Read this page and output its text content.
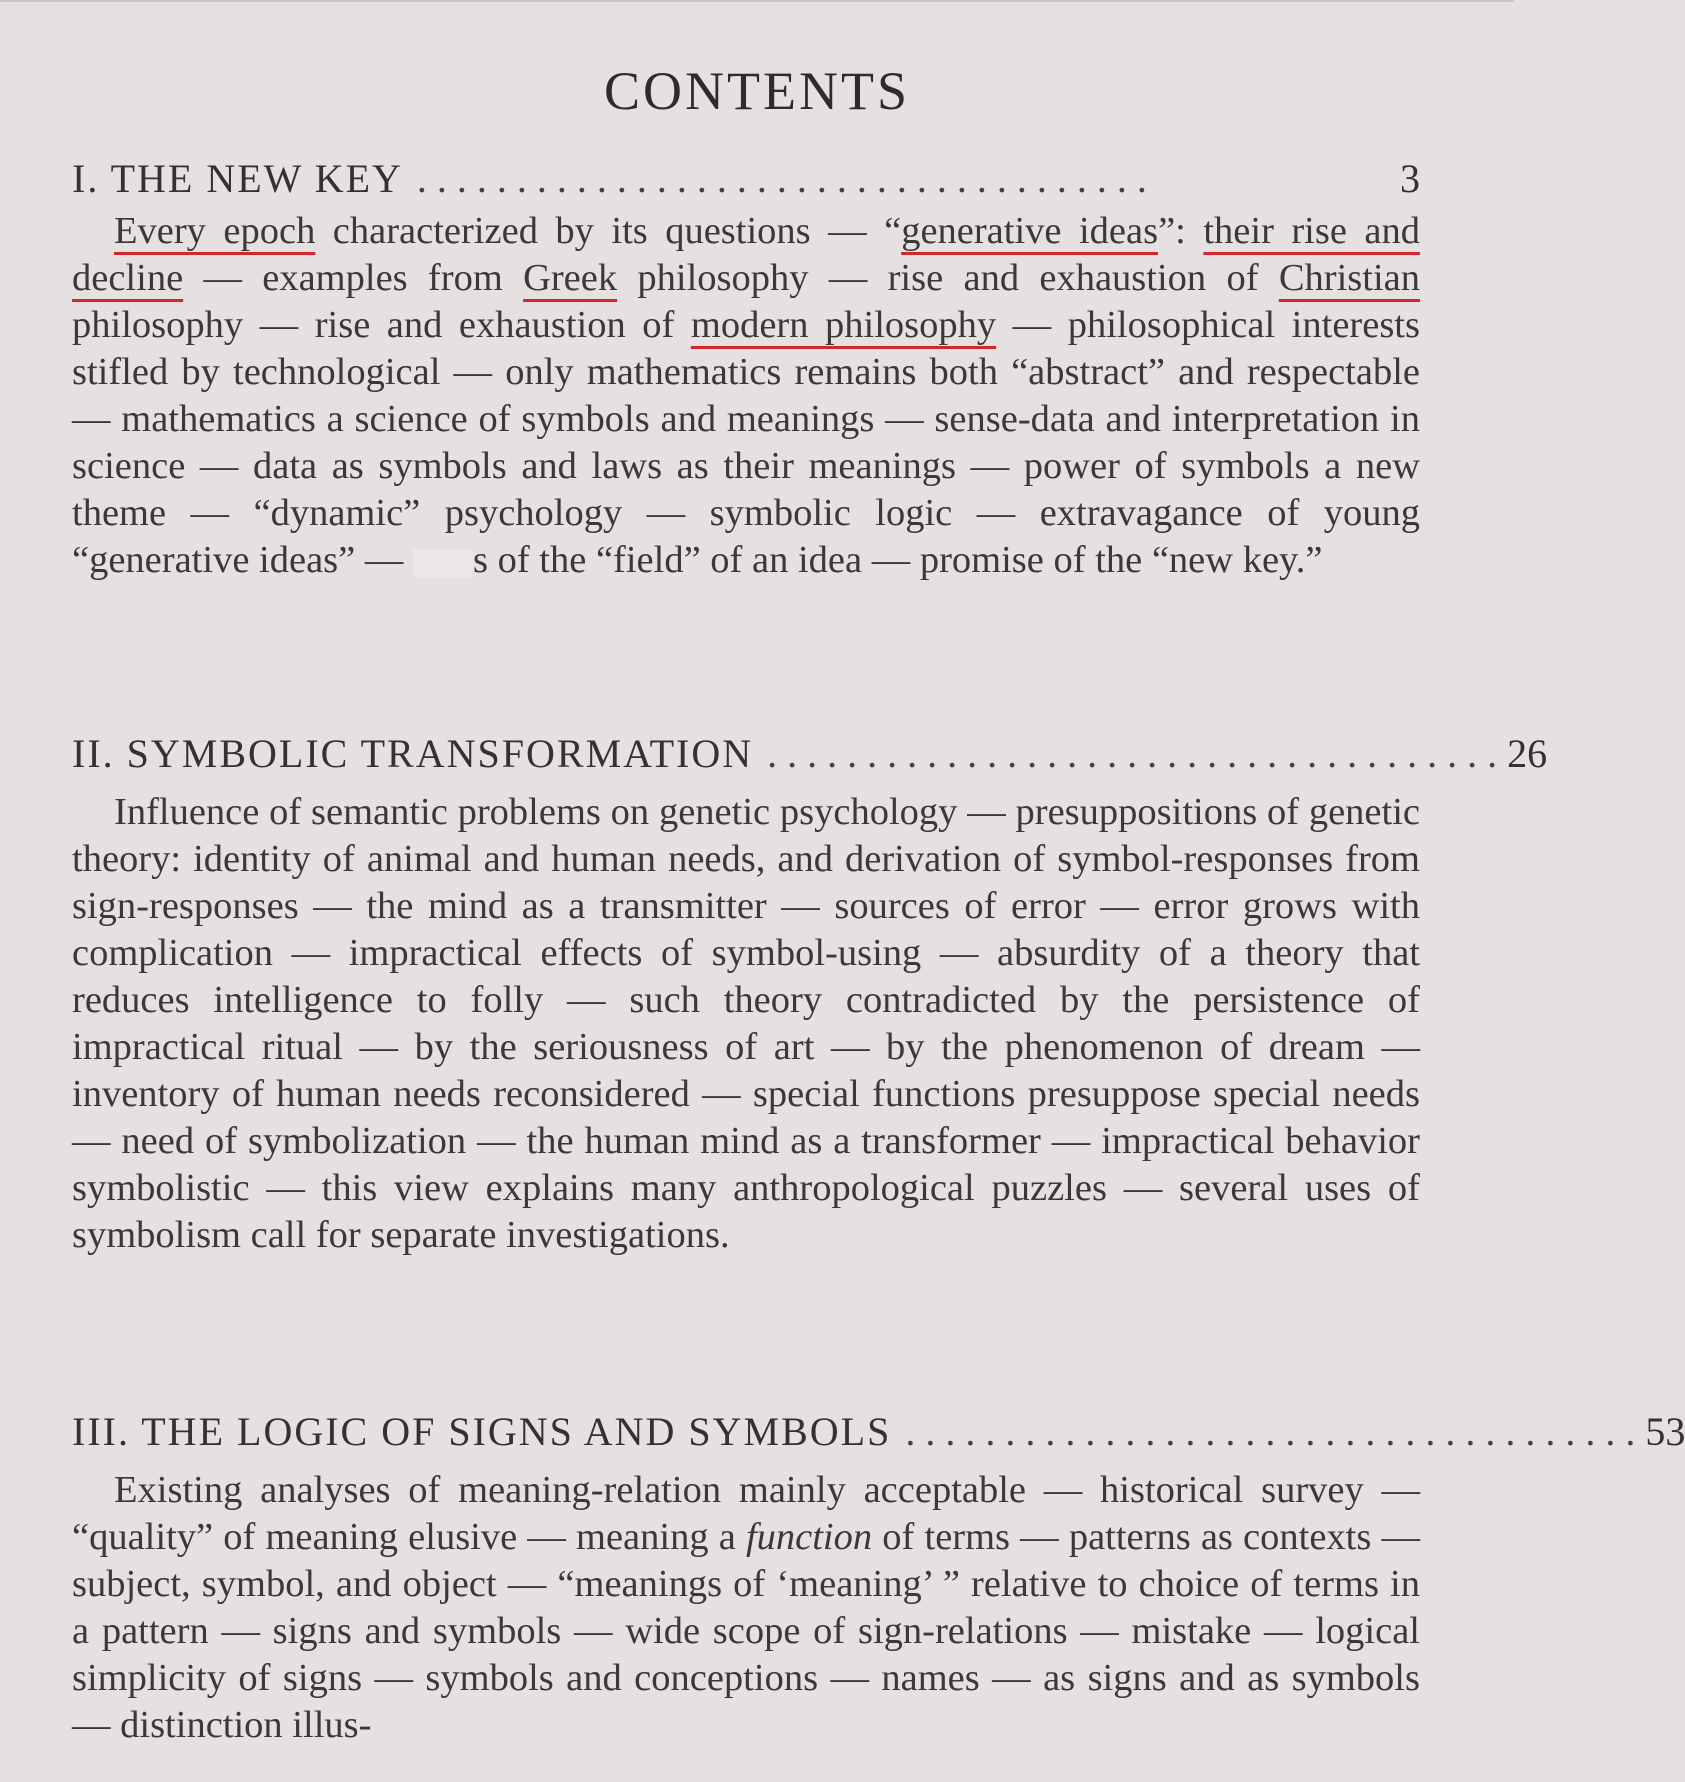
CONTENTS
I. THE NEW KEY . . . . . . . . . . . . . . . . . . . . . . . . . . . . . . . . . . . . .	3
Every epoch characterized by its questions — “generative ideas”: their rise and decline — examples from Greek philosophy — rise and exhaustion of Christian philosophy — rise and exhaustion of modern philosophy — philosophical interests stifled by technological — only mathematics remains both “abstract” and respectable — mathematics a science of symbols and meanings — sense-data and interpretation in science — data as symbols and laws as their meanings — power of symbols a new theme — “dynamic” psychology — symbolic logic — extravagance of young “generative ideas” — s of the “field” of an idea — promise of the “new key.”
II. SYMBOLIC TRANSFORMATION . . . . . . . . . . . . . . . . . . . . . . . . . . . . . . . . . . . . . 26
Influence of semantic problems on genetic psychology — presuppositions of genetic theory: identity of animal and human needs, and derivation of symbol-responses from sign-responses — the mind as a transmitter — sources of error — error grows with complication — impractical effects of symbol-using — absurdity of a theory that reduces intelligence to folly — such theory contradicted by the persistence of impractical ritual — by the seriousness of art — by the phenomenon of dream — inventory of human needs reconsidered — special functions presuppose special needs — need of symbolization — the human mind as a transformer — impractical behavior symbolistic — this view explains many anthropological puzzles — several uses of symbolism call for separate investigations.
III. THE LOGIC OF SIGNS AND SYMBOLS . . . . . . . . . . . . . . . . . . . . . . . . . . . . . . . . . . . . . 53
Existing analyses of meaning-relation mainly acceptable — historical survey — “quality” of meaning elusive — meaning a function of terms — patterns as contexts — subject, symbol, and object — “meanings of ‘meaning’ ” relative to choice of terms in a pattern — signs and symbols — wide scope of sign-relations — mistake — logical simplicity of signs — symbols and conceptions — names — as signs and as symbols — distinction illus-
